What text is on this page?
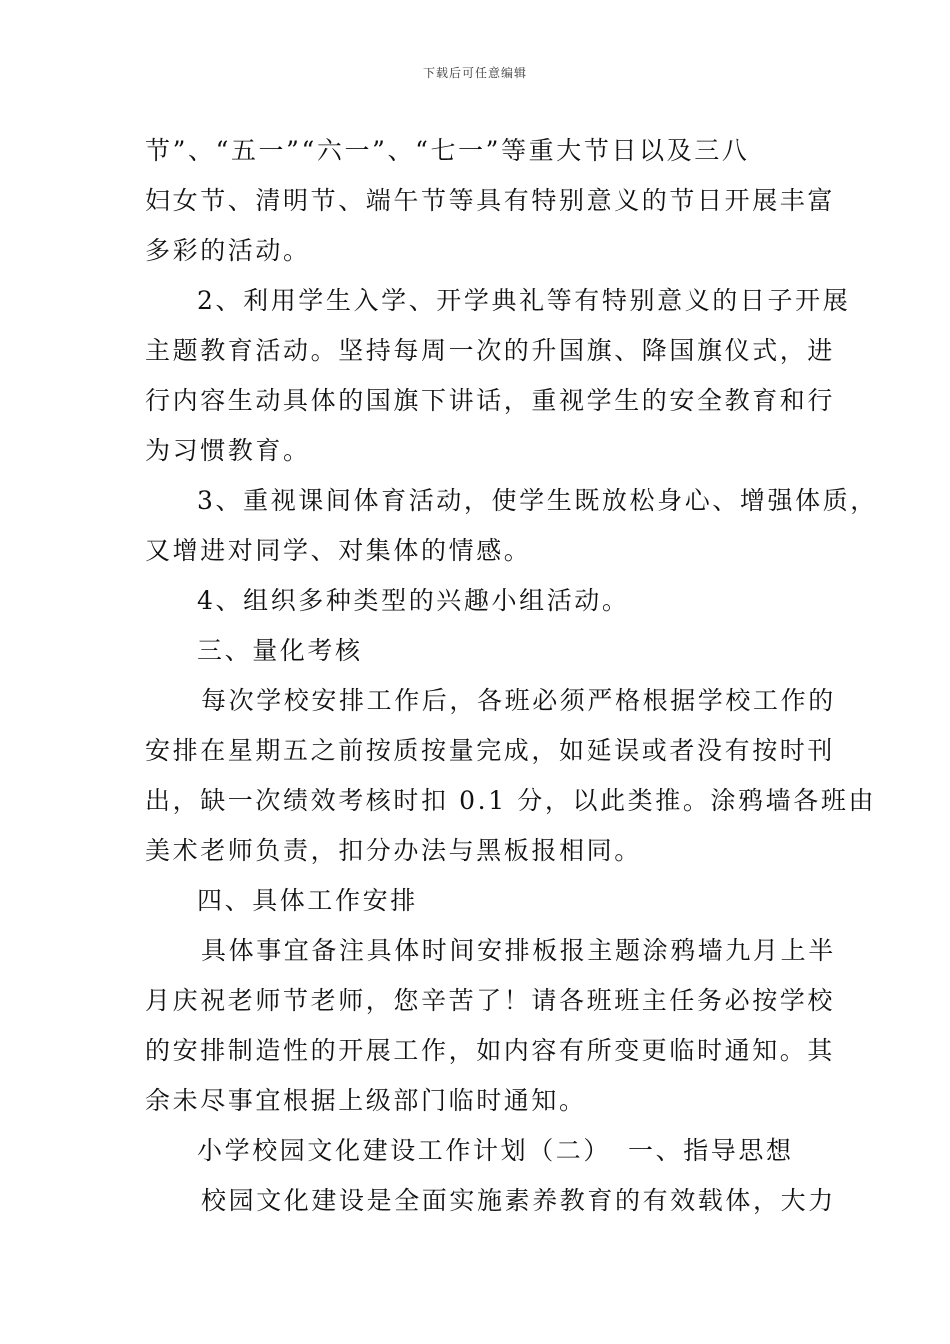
下载后可任意编辑
节”、“五一”“六一”、“七一”等重大节日以及三八
妇女节、清明节、端午节等具有特别意义的节日开展丰富
多彩的活动。
2、利用学生入学、开学典礼等有特别意义的日子开展
主题教育活动。坚持每周一次的升国旗、降国旗仪式，进
行内容生动具体的国旗下讲话，重视学生的安全教育和行
为习惯教育。
3、重视课间体育活动，使学生既放松身心、增强体质，
又增进对同学、对集体的情感。
4、组织多种类型的兴趣小组活动。
三、量化考核
每次学校安排工作后，各班必须严格根据学校工作的
安排在星期五之前按质按量完成，如延误或者没有按时刊
出，缺一次绩效考核时扣 0.1 分，以此类推。涂鸦墙各班由
美术老师负责，扣分办法与黑板报相同。
四、具体工作安排
具体事宜备注具体时间安排板报主题涂鸦墙九月上半
月庆祝老师节老师，您辛苦了！请各班班主任务必按学校
的安排制造性的开展工作，如内容有所变更临时通知。其
余未尽事宜根据上级部门临时通知。
小学校园文化建设工作计划（二） 一、指导思想
校园文化建设是全面实施素养教育的有效载体，大力
